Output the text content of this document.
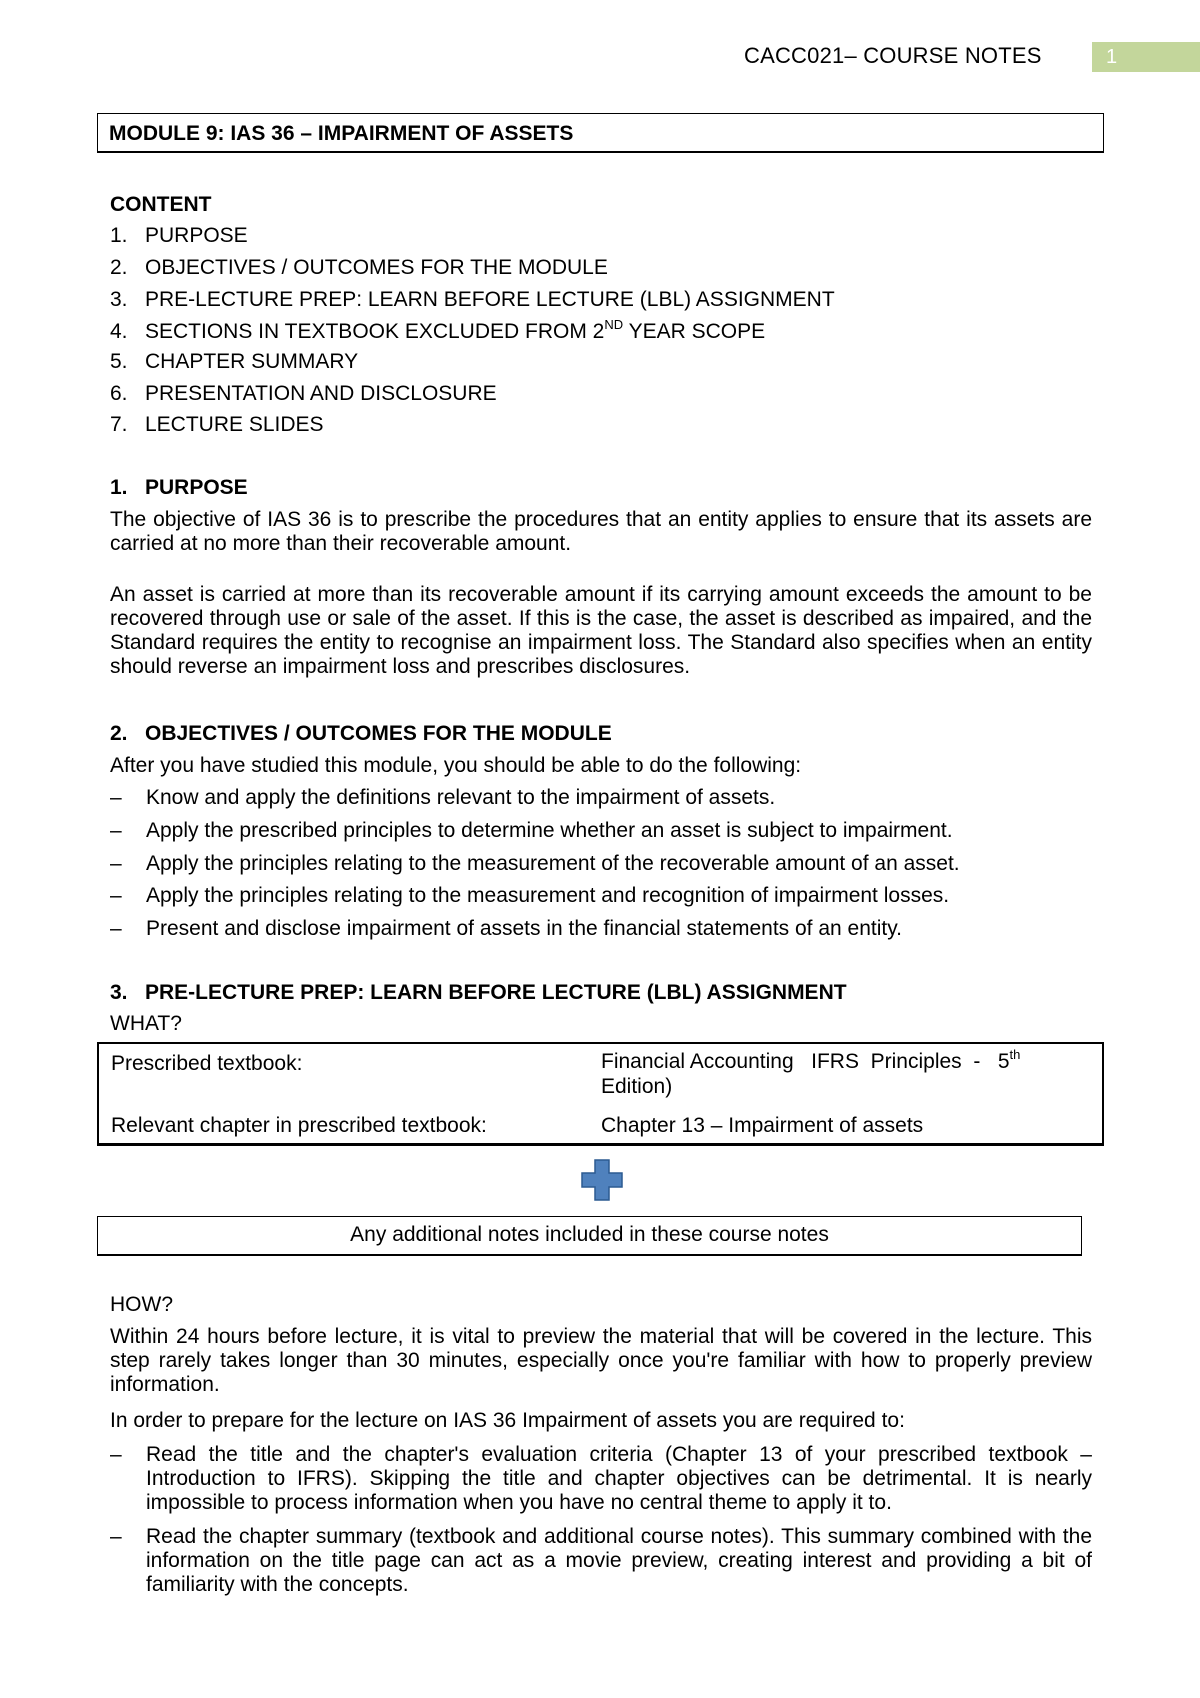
CACC021– COURSE NOTES	1
MODULE 9: IAS 36 – IMPAIRMENT OF ASSETS
CONTENT
1. PURPOSE
2. OBJECTIVES / OUTCOMES FOR THE MODULE
3. PRE-LECTURE PREP: LEARN BEFORE LECTURE (LBL) ASSIGNMENT
4. SECTIONS IN TEXTBOOK EXCLUDED FROM 2ND YEAR SCOPE
5. CHAPTER SUMMARY
6. PRESENTATION AND DISCLOSURE
7. LECTURE SLIDES
1. PURPOSE
The objective of IAS 36 is to prescribe the procedures that an entity applies to ensure that its assets are carried at no more than their recoverable amount.
An asset is carried at more than its recoverable amount if its carrying amount exceeds the amount to be recovered through use or sale of the asset. If this is the case, the asset is described as impaired, and the Standard requires the entity to recognise an impairment loss. The Standard also specifies when an entity should reverse an impairment loss and prescribes disclosures.
2. OBJECTIVES / OUTCOMES FOR THE MODULE
After you have studied this module, you should be able to do the following:
– Know and apply the definitions relevant to the impairment of assets.
– Apply the prescribed principles to determine whether an asset is subject to impairment.
– Apply the principles relating to the measurement of the recoverable amount of an asset.
– Apply the principles relating to the measurement and recognition of impairment losses.
– Present and disclose impairment of assets in the financial statements of an entity.
3. PRE-LECTURE PREP: LEARN BEFORE LECTURE (LBL) ASSIGNMENT
WHAT?
Prescribed textbook:	Financial Accounting   IFRS  Principles  -   5th
Edition)
Relevant chapter in prescribed textbook:	Chapter 13 – Impairment of assets
Any additional notes included in these course notes
HOW?
Within 24 hours before lecture, it is vital to preview the material that will be covered in the lecture. This step rarely takes longer than 30 minutes, especially once you're familiar with how to properly preview information.
In order to prepare for the lecture on IAS 36 Impairment of assets you are required to:
–	Read the title and the chapter's evaluation criteria (Chapter 13 of your prescribed textbook – Introduction to IFRS). Skipping the title and chapter objectives can be detrimental. It is nearly impossible to process information when you have no central theme to apply it to.
–	Read the chapter summary (textbook and additional course notes). This summary combined with the information on the title page can act as a movie preview, creating interest and providing a bit of familiarity with the concepts.
